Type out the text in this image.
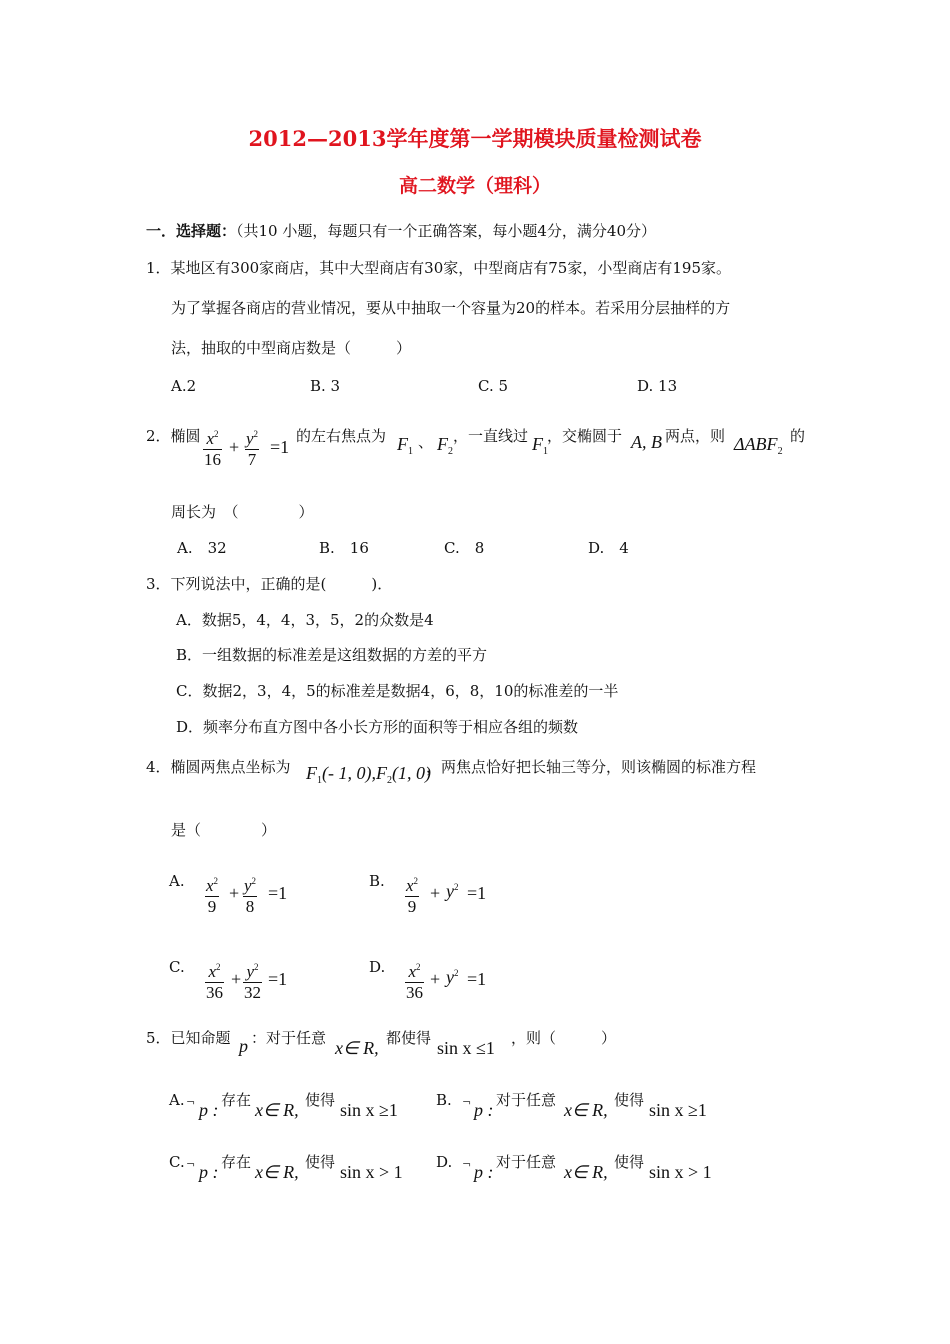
2012—2013学年度第一学期模块质量检测试卷
高二数学（理科）
一．选择题：（共10 小题，每题只有一个正确答案，每小题4分，满分40分）
1．某地区有300家商店，其中大型商店有30家，中型商店有75家，小型商店有195家。
为了掌握各商店的营业情况，要从中抽取一个容量为20的样本。若采用分层抽样的方
法，抽取的中型商店数是（　　　）
A.2	B. 3	C. 5	D. 13
2．椭圆 $\frac{x^2}{16} + \frac{y^2}{7} =1$
的左右焦点为 $F_1$
、 $F_2$
，一直线过 $F_1$
，交椭圆于 A, B 两点，则 $\Delta ABF_2$
的
周长为　（　　　　）
A.　32	B.　16	C.　8	D.　4
3．下列说法中，正确的是(　　　)．
A．数据5，4，4，3，5，2的众数是4
B．一组数据的标准差是这组数据的方差的平方
C．数据2，3，4，5的标准差是数据4，6，8，10的标准差的一半
D．频率分布直方图中各小长方形的面积等于相应各组的频数
4．椭圆两焦点坐标为 $F_1(-$ 1, $0),F_2(1$, 0)
，两焦点恰好把长轴三等分，则该椭圆的标准方程
是（　　　　）
A. $\frac{x^2}{9} + \frac{y^2}{8} =1$
B. $\frac{x^2}{9} + y^2 =1$
C. $\frac{x^2}{36} + \frac{y^2}{32} =1$
D. $\frac{x^2}{36} + y^2 =1$
5．已知命题 p ：对于任意 x∈ R, 都使得 sin x ≤1 ，则（　　　）
A. ¬ p : 存在 x∈ R, 使得 sin x ≥1	B. ¬ p : 对于任意 x∈ R, 使得 sin x ≥1
C. ¬ p : 存在 x∈ R, 使得 sin x > 1 D. ¬ p : 对于任意 x∈ R, 使得 sin x > 1
